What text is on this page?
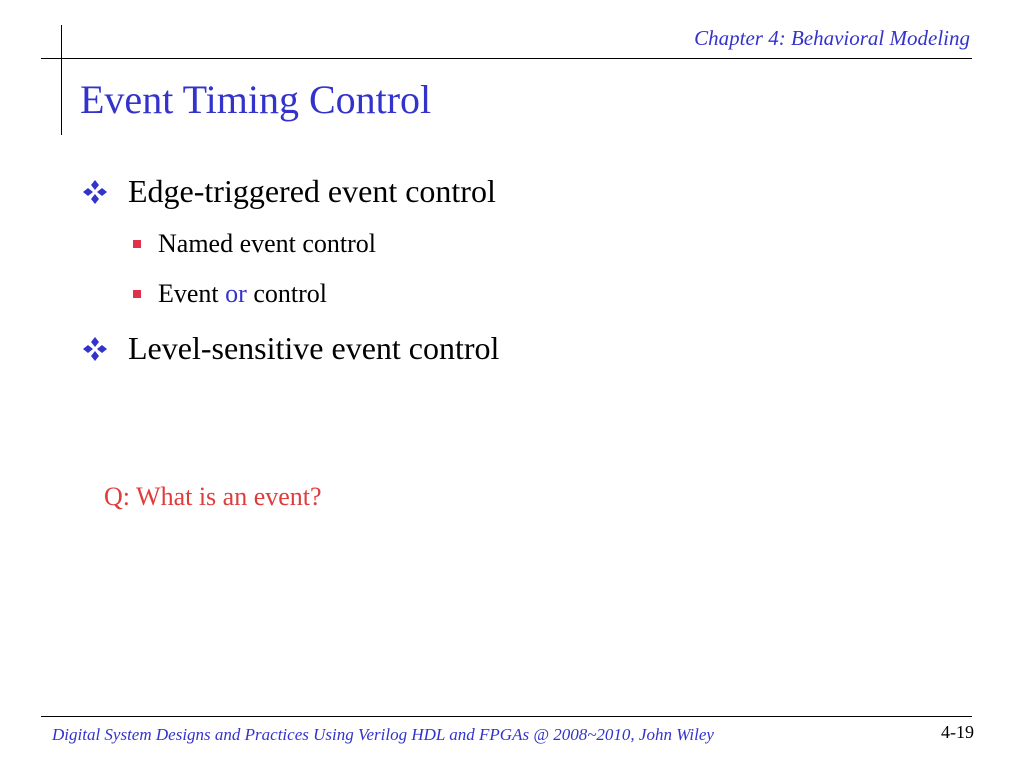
Chapter 4: Behavioral Modeling
Event Timing Control
Edge-triggered event control
Named event control
Event or control
Level-sensitive event control
Q: What is an event?
Digital System Designs and Practices Using Verilog HDL and FPGAs @ 2008~2010, John Wiley	4-19
